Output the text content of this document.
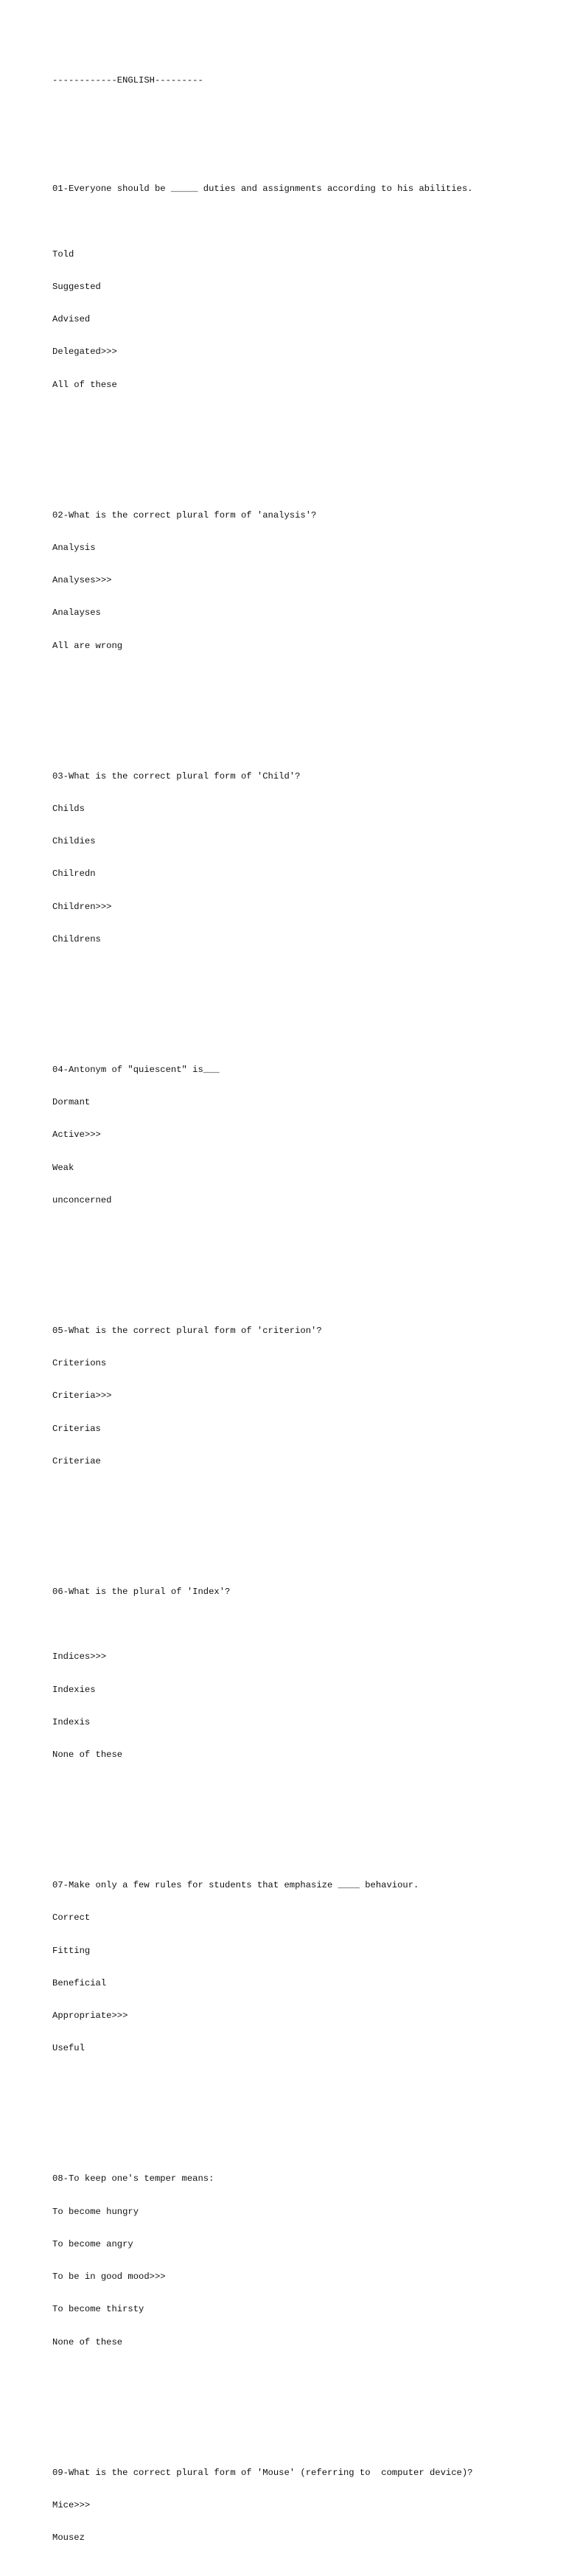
------------ENGLISH---------

01-Everyone should be _____ duties and assignments according to his abilities.

Told

Suggested

Advised

Delegated>>>

All of these

02-What is the correct plural form of 'analysis'?

Analysis

Analyses>>>

Analayses

All are wrong

03-What is the correct plural form of 'Child'?

Childs

Childies

Chilredn

Children>>>

Childrens

04-Antonym of "quiescent" is___

Dormant

Active>>>

Weak

unconcerned

05-What is the correct plural form of 'criterion'?

Criterions

Criteria>>>

Criterias

Criteriae

06-What is the plural of 'Index'?

Indices>>>

Indexies

Indexis

None of these

07-Make only a few rules for students that emphasize ____ behaviour.

Correct

Fitting

Beneficial

Appropriate>>>

Useful

08-To keep one's temper means:

To become hungry

To become angry

To be in good mood>>>

To become thirsty

None of these

09-What is the correct plural form of 'Mouse' (referring to  computer device)?

Mice>>>

Mousez
